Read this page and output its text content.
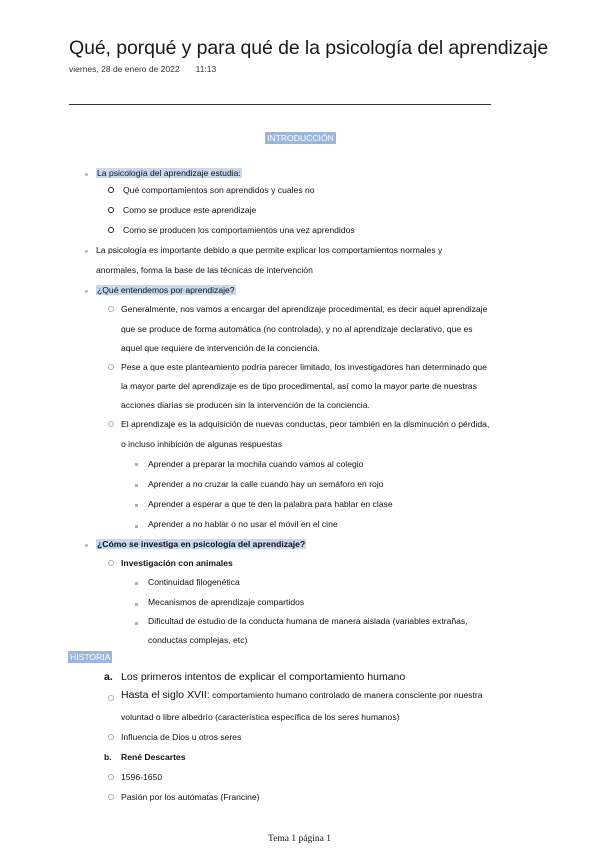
Qué, porqué y para qué de la psicología del aprendizaje
viernes, 28 de enero de 2022 11:13
INTRODUCCIÓN
La psicología del aprendizaje estudia:
Qué comportamientos son aprendidos y cuales no
Como se produce este aprendizaje
Como se producen los comportamientos una vez aprendidos
La psicología es importante debido a que permite explicar los comportamientos normales y
anormales, forma la base de las técnicas de intervención
¿Qué entendemos por aprendizaje?
Generalmente, nos vamos a encargar del aprendizaje procedimental, es decir aquel aprendizaje
que se produce de forma automática (no controlada), y no al aprendizaje declarativo, que es
aquel que requiere de intervención de la conciencia.
Pese a que este planteamiento podría parecer limitado, los investigadores han determinado que
la mayor parte del aprendizaje es de tipo procedimental, así como la mayor parte de nuestras
acciones diarias se producen sin la intervención de la conciencia.
El aprendizaje es la adquisición de nuevas conductas, peor también en la disminución o pérdida,
o incluso inhibición de algunas respuestas
Aprender a preparar la mochila cuando vamos al colegio
Aprender a no cruzar la calle cuando hay un semáforo en rojo
Aprender a esperar a que te den la palabra para hablar en clase
Aprender a no hablar o no usar el móvil en el cine
¿Cómo se investiga en psicología del aprendizaje?
Investigación con animales
Continuidad filogenética
Mecanismos de aprendizaje compartidos
Dificultad de estudio de la conducta humana de manera aislada (variables extrañas,
conductas complejas, etc)
HISTORIA
a. Los primeros intentos de explicar el comportamiento humano
Hasta el siglo XVII: comportamiento humano controlado de manera consciente por nuestra
voluntad o libre albedrío (característica específica de los seres humanos)
Influencia de Dios u otros seres
b. René Descartes
1596-1650
Pasión por los autómatas (Francine)
Tema 1 página 1
